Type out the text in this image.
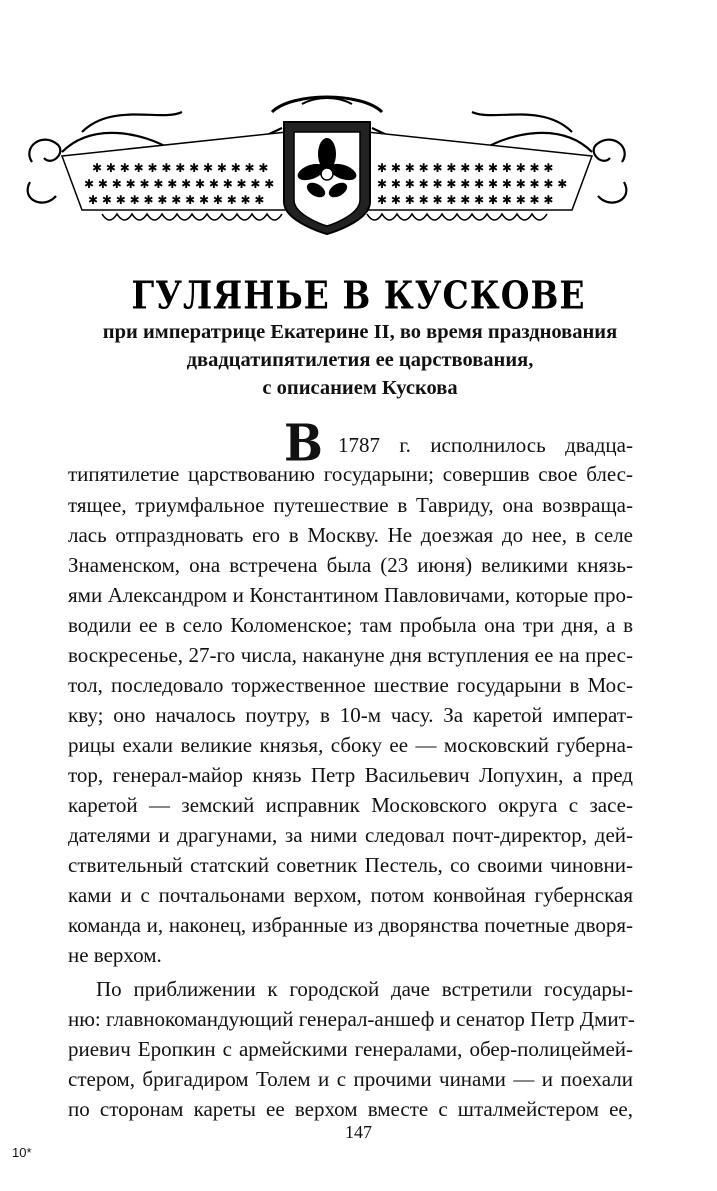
✱ ✱ ✱ ✱ ✱ ✱ ✱ ✱ ✱ ✱ ✱ ✱ ✱
✱ ✱ ✱ ✱ ✱ ✱ ✱ ✱ ✱ ✱ ✱ ✱ ✱ ✱
✱ ✱ ✱ ✱ ✱ ✱ ✱ ✱ ✱ ✱ ✱ ✱ ✱
✱ ✱ ✱ ✱ ✱ ✱ ✱ ✱ ✱ ✱ ✱ ✱ ✱
✱ ✱ ✱ ✱ ✱ ✱ ✱ ✱ ✱ ✱ ✱ ✱ ✱ ✱
✱ ✱ ✱ ✱ ✱ ✱ ✱ ✱ ✱ ✱ ✱ ✱ ✱
ГУЛЯНЬЕ В КУСКОВЕ

при императрице Екатерине II, во время празднования

двадцатипятилетия ее царствования,

с описанием Кускова

В 1787 г. исполнилось двадца-

типятилетие царствованию государыни; совершив свое блес-

тящее, триумфальное путешествие в Тавриду, она возвраща-

лась отпраздновать его в Москву. Не доезжая до нее, в селе

Знаменском, она встречена была (23 июня) великими князь-

ями Александром и Константином Павловичами, которые про-

водили ее в село Коломенское; там пробыла она три дня, а в

воскресенье, 27-го числа, накануне дня вступления ее на прес-

тол, последовало торжественное шествие государыни в Мос-

кву; оно началось поутру, в 10-м часу. За каретой императ-

рицы ехали великие князья, сбоку ее — московский губерна-

тор, генерал-майор князь Петр Васильевич Лопухин, а пред

каретой — земский исправник Московского округа с засе-

дателями и драгунами, за ними следовал почт-директор, дей-

ствительный статский советник Пестель, со своими чиновни-

ками и с почтальонами верхом, потом конвойная губернская

команда и, наконец, избранные из дворянства почетные дворя-

не верхом.

По приближении к городской даче встретили государы-

ню: главнокомандующий генерал-аншеф и сенатор Петр Дмит-

риевич Еропкин с армейскими генералами, обер-полицеймей-

стером, бригадиром Толем и с прочими чинами — и поехали

по сторонам кареты ее верхом вместе с шталмейстером ее,

147
10*
